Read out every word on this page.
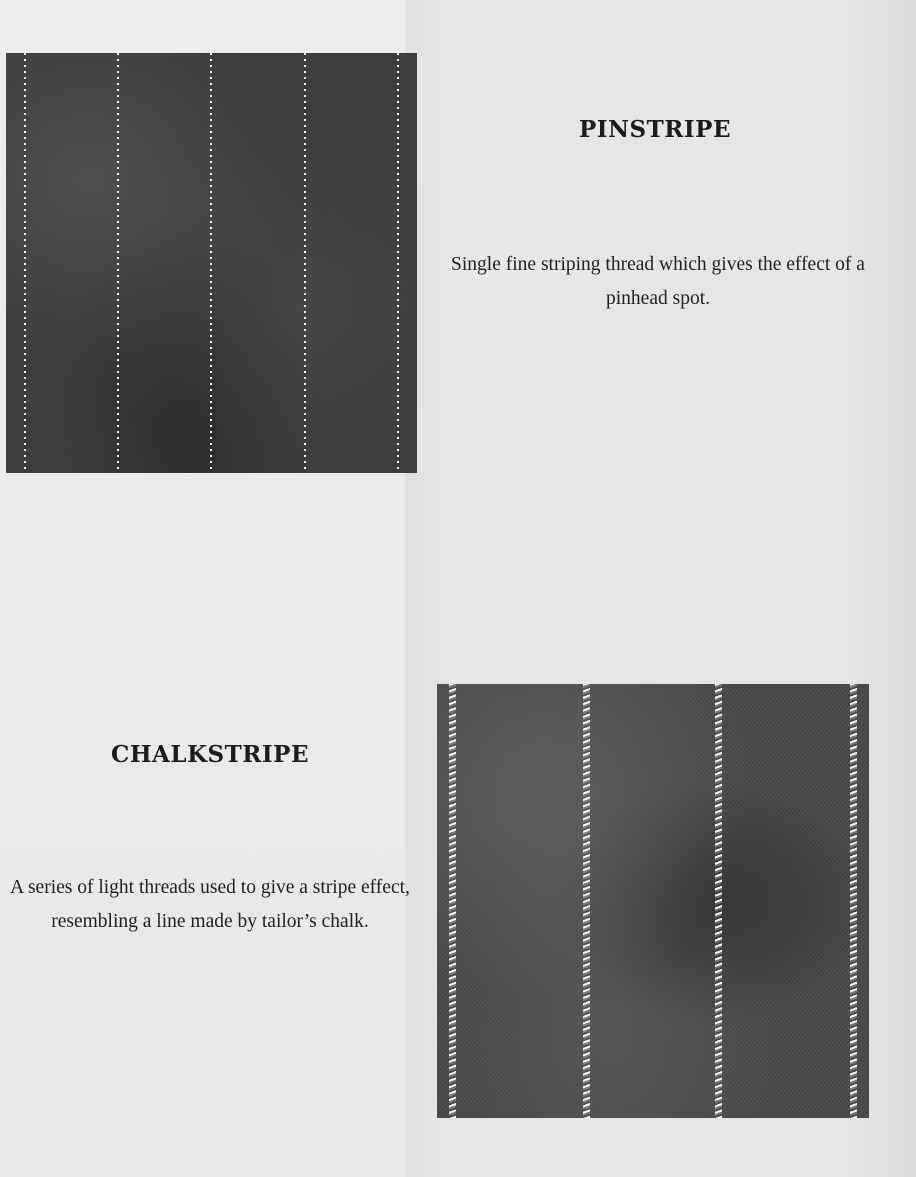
PINSTRIPE

Single fine striping thread which gives the effect of a pinhead spot.

CHALKSTRIPE

A series of light threads used to give a stripe effect, resembling a line made by tailor’s chalk.
